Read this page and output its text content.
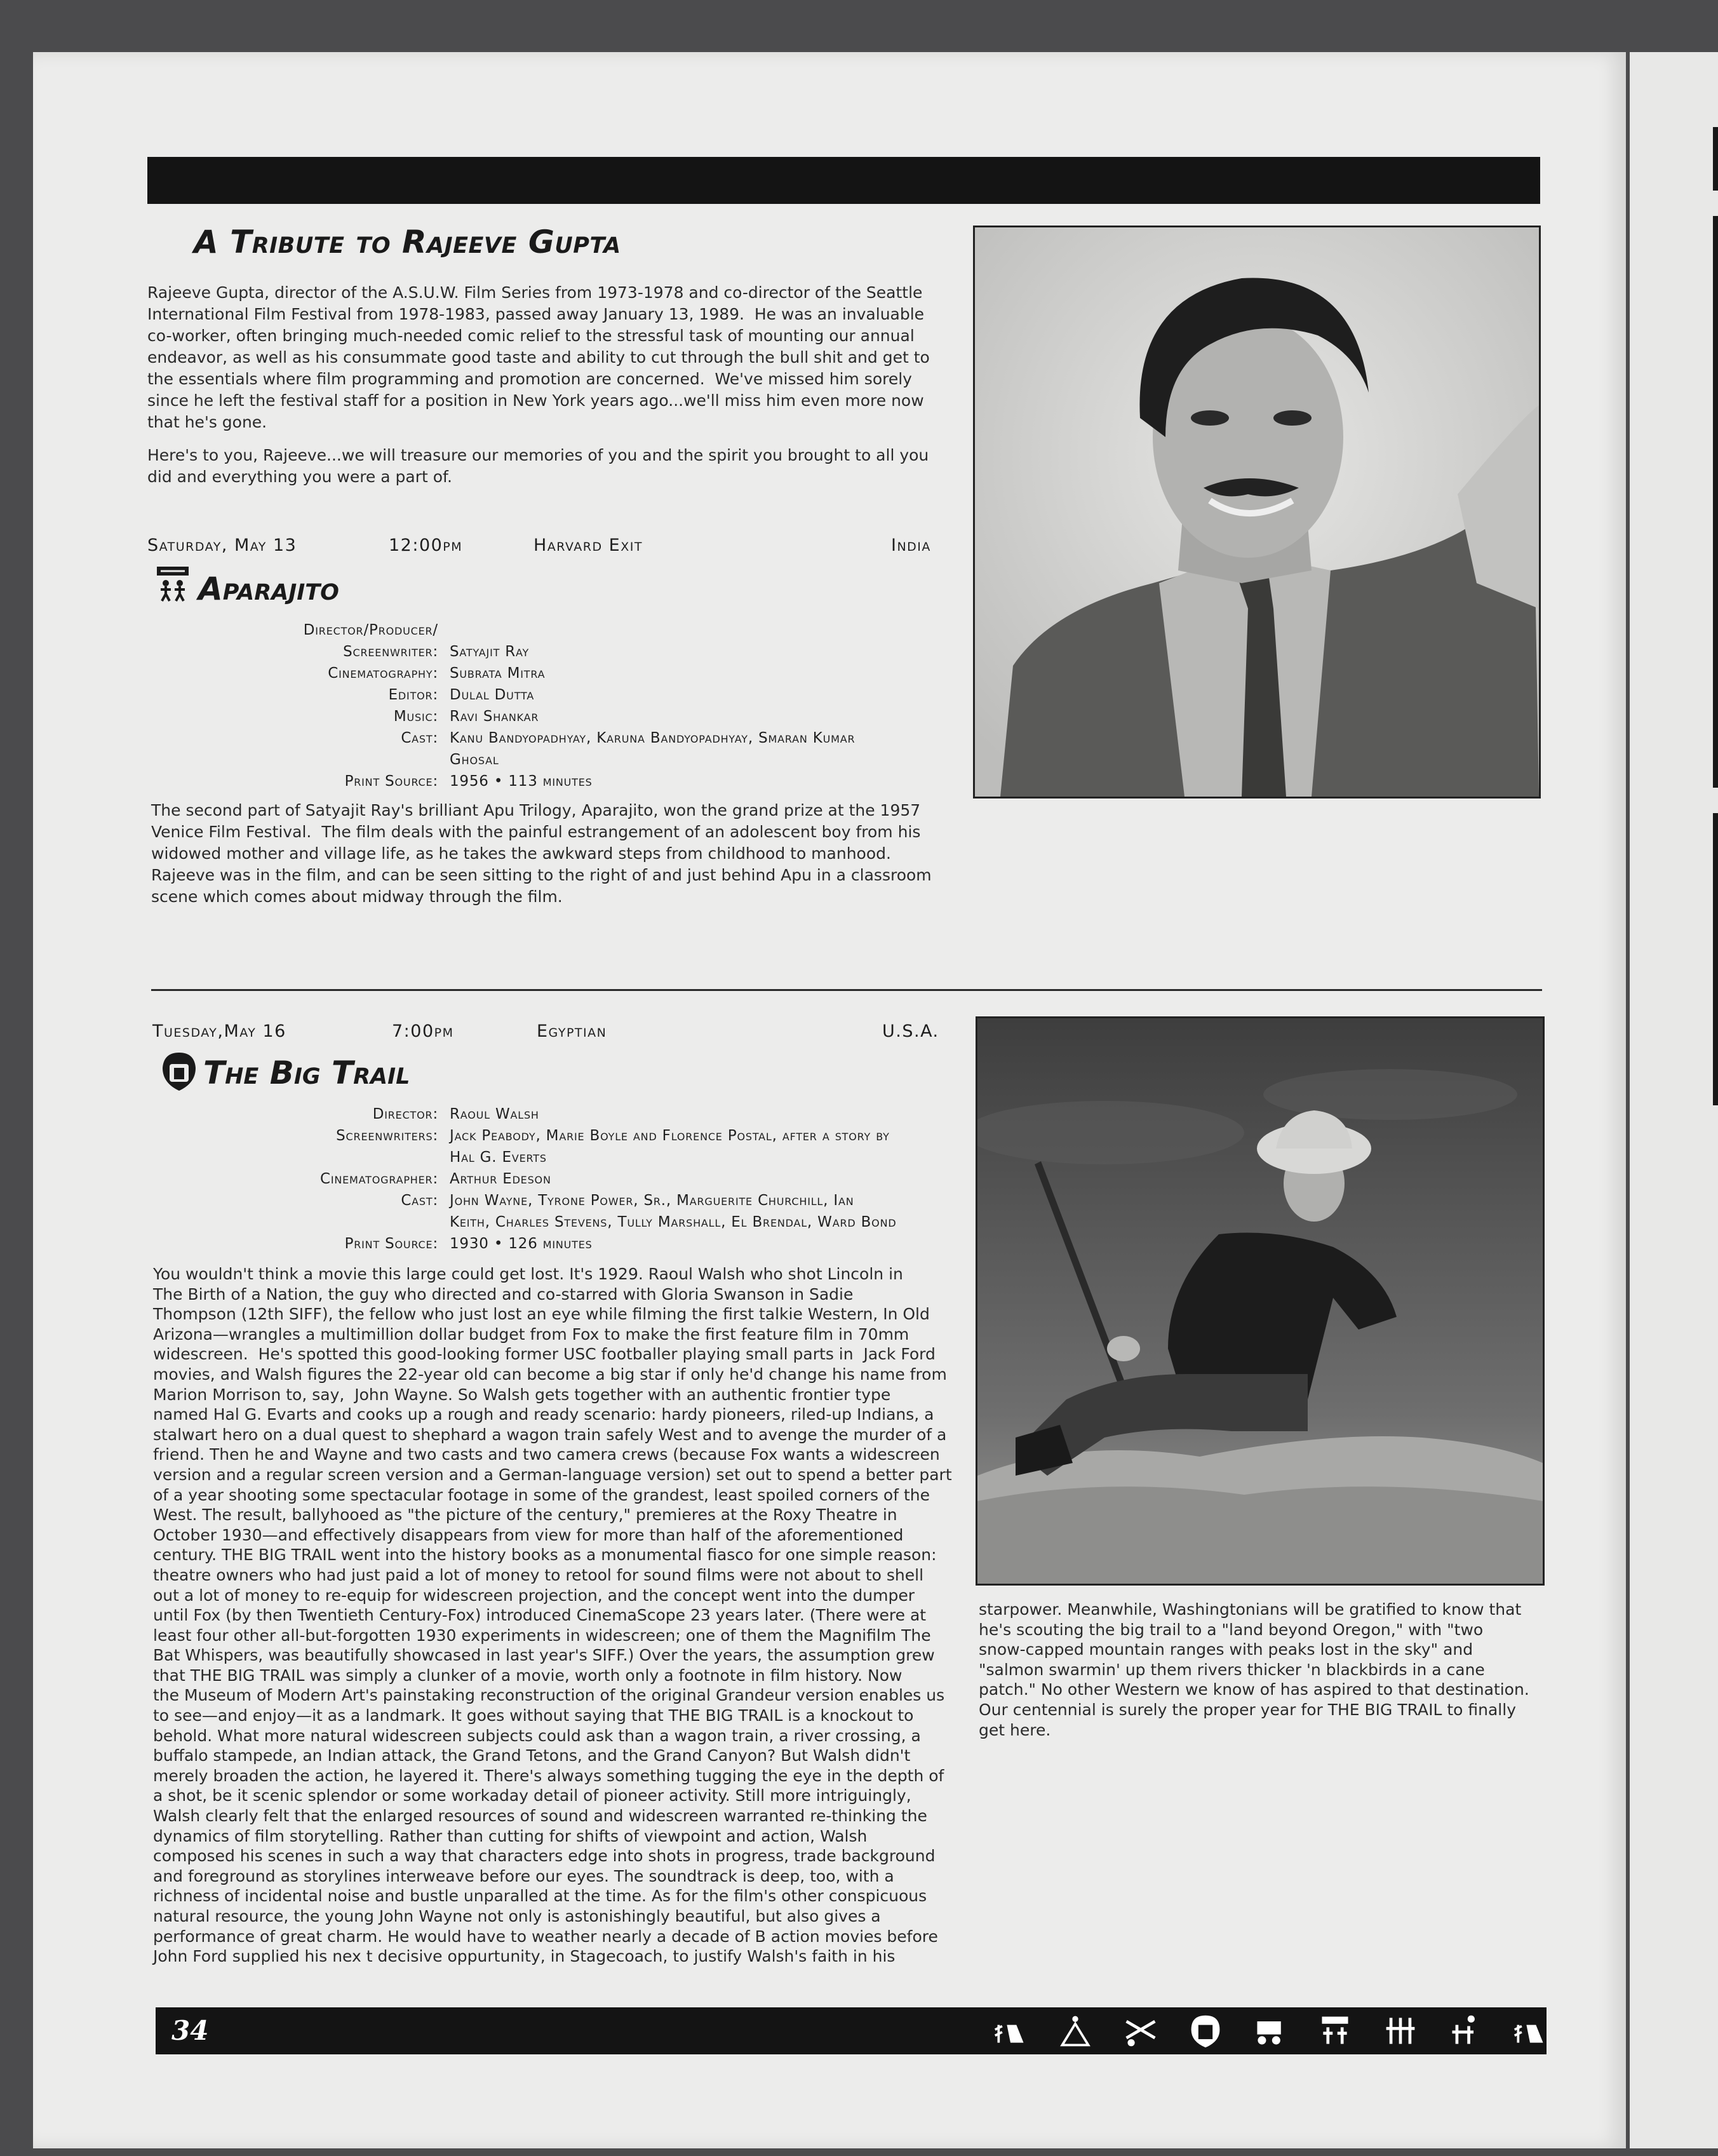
A Tribute to Rajeeve Gupta
Rajeeve Gupta, director of the A.S.U.W. Film Series from 1973-1978 and co-director of the Seattle
International Film Festival from 1978-1983, passed away January 13, 1989.  He was an invaluable
co-worker, often bringing much-needed comic relief to the stressful task of mounting our annual
endeavor, as well as his consummate good taste and ability to cut through the bull shit and get to
the essentials where film programming and promotion are concerned.  We've missed him sorely
since he left the festival staff for a position in New York years ago...we'll miss him even more now
that he's gone.
Here's to you, Rajeeve...we will treasure our memories of you and the spirit you brought to all you
did and everything you were a part of.
Saturday, May 13	12:00pm	Harvard Exit	India
Aparajito
Director/Producer/
Screenwriter: Satyajit Ray
Cinematography: Subrata Mitra
Editor: Dulal Dutta
Music: Ravi Shankar
Cast: Kanu Bandyopadhyay, Karuna Bandyopadhyay, Smaran Kumar
Ghosal
Print Source: 1956 • 113 minutes
The second part of Satyajit Ray's brilliant Apu Trilogy, Aparajito, won the grand prize at the 1957
Venice Film Festival.  The film deals with the painful estrangement of an adolescent boy from his
widowed mother and village life, as he takes the awkward steps from childhood to manhood.
Rajeeve was in the film, and can be seen sitting to the right of and just behind Apu in a classroom
scene which comes about midway through the film.
Tuesday,May 16	7:00pm	Egyptian	U.S.A.
The Big Trail
Director: Raoul Walsh
Screenwriters: Jack Peabody, Marie Boyle and Florence Postal, after a story by
Hal G. Everts
Cinematographer: Arthur Edeson
Cast: John Wayne, Tyrone Power, Sr., Marguerite Churchill, Ian
Keith, Charles Stevens, Tully Marshall, El Brendal, Ward Bond
Print Source: 1930 • 126 minutes
You wouldn't think a movie this large could get lost. It's 1929. Raoul Walsh who shot Lincoln in
The Birth of a Nation, the guy who directed and co-starred with Gloria Swanson in Sadie
Thompson (12th SIFF), the fellow who just lost an eye while filming the first talkie Western, In Old
Arizona—wrangles a multimillion dollar budget from Fox to make the first feature film in 70mm
widescreen.  He's spotted this good-looking former USC footballer playing small parts in  Jack Ford
movies, and Walsh figures the 22-year old can become a big star if only he'd change his name from
Marion Morrison to, say,  John Wayne. So Walsh gets together with an authentic frontier type
named Hal G. Evarts and cooks up a rough and ready scenario: hardy pioneers, riled-up Indians, a
stalwart hero on a dual quest to shephard a wagon train safely West and to avenge the murder of a
friend. Then he and Wayne and two casts and two camera crews (because Fox wants a widescreen
version and a regular screen version and a German-language version) set out to spend a better part
of a year shooting some spectacular footage in some of the grandest, least spoiled corners of the
West. The result, ballyhooed as "the picture of the century," premieres at the Roxy Theatre in
October 1930—and effectively disappears from view for more than half of the aforementioned
century. THE BIG TRAIL went into the history books as a monumental fiasco for one simple reason:
theatre owners who had just paid a lot of money to retool for sound films were not about to shell
out a lot of money to re-equip for widescreen projection, and the concept went into the dumper
until Fox (by then Twentieth Century-Fox) introduced CinemaScope 23 years later. (There were at
least four other all-but-forgotten 1930 experiments in widescreen; one of them the Magnifilm The
Bat Whispers, was beautifully showcased in last year's SIFF.) Over the years, the assumption grew
that THE BIG TRAIL was simply a clunker of a movie, worth only a footnote in film history. Now
the Museum of Modern Art's painstaking reconstruction of the original Grandeur version enables us
to see—and enjoy—it as a landmark. It goes without saying that THE BIG TRAIL is a knockout to
behold. What more natural widescreen subjects could ask than a wagon train, a river crossing, a
buffalo stampede, an Indian attack, the Grand Tetons, and the Grand Canyon? But Walsh didn't
merely broaden the action, he layered it. There's always something tugging the eye in the depth of
a shot, be it scenic splendor or some workaday detail of pioneer activity. Still more intriguingly,
Walsh clearly felt that the enlarged resources of sound and widescreen warranted re-thinking the
dynamics of film storytelling. Rather than cutting for shifts of viewpoint and action, Walsh
composed his scenes in such a way that characters edge into shots in progress, trade background
and foreground as storylines interweave before our eyes. The soundtrack is deep, too, with a
richness of incidental noise and bustle unparalled at the time. As for the film's other conspicuous
natural resource, the young John Wayne not only is astonishingly beautiful, but also gives a
performance of great charm. He would have to weather nearly a decade of B action movies before
John Ford supplied his nex t decisive oppurtunity, in Stagecoach, to justify Walsh's faith in his
starpower. Meanwhile, Washingtonians will be gratified to know that
he's scouting the big trail to a "land beyond Oregon," with "two
snow-capped mountain ranges with peaks lost in the sky" and
"salmon swarmin' up them rivers thicker 'n blackbirds in a cane
patch." No other Western we know of has aspired to that destination.
Our centennial is surely the proper year for THE BIG TRAIL to finally
get here.
34
